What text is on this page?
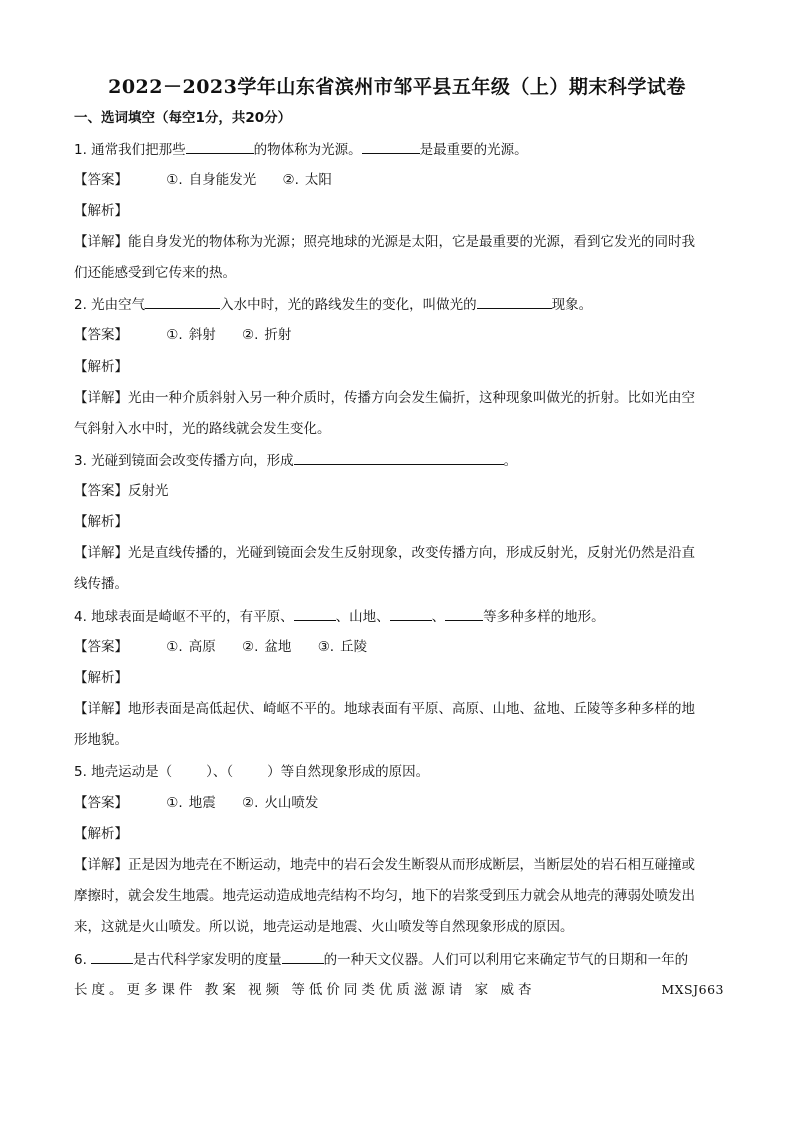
2022－2023学年山东省滨州市邹平县五年级（上）期末科学试卷
一、选词填空（每空1分，共20分）
1. 通常我们把那些	的物体称为光源。	是最重要的光源。
【答案】	①. 自身能发光 ②. 太阳
【解析】
【详解】能自身发光的物体称为光源；照亮地球的光源是太阳，它是最重要的光源，看到它发光的同时我
们还能感受到它传来的热。
2. 光由空气	入水中时，光的路线发生的变化，叫做光的	现象。
【答案】	①. 斜射 ②. 折射
【解析】
【详解】光由一种介质斜射入另一种介质时，传播方向会发生偏折，这种现象叫做光的折射。比如光由空
气斜射入水中时，光的路线就会发生变化。
3. 光碰到镜面会改变传播方向，形成	。
【答案】反射光
【解析】
【详解】光是直线传播的，光碰到镜面会发生反射现象，改变传播方向，形成反射光，反射光仍然是沿直
线传播。
4. 地球表面是崎岖不平的，有平原、	、山地、	、	等多种多样的地形。
【答案】	①. 高原 ②. 盆地 ③. 丘陵
【解析】
【详解】地形表面是高低起伏、崎岖不平的。地球表面有平原、高原、山地、盆地、丘陵等多种多样的地
形地貌。
5. 地壳运动是（	）、（	）等自然现象形成的原因。
【答案】	①. 地震 ②. 火山喷发
【解析】
【详解】正是因为地壳在不断运动，地壳中的岩石会发生断裂从而形成断层，当断层处的岩石相互碰撞或
摩擦时，就会发生地震。地壳运动造成地壳结构不均匀，地下的岩浆受到压力就会从地壳的薄弱处喷发出
来，这就是火山喷发。所以说，地壳运动是地震、火山喷发等自然现象形成的原因。
6.	是古代科学家发明的度量	的一种天文仪器。人们可以利用它来确定节气的日期和一年的
长度。更多课件 教案 视频 等低价同类优质滋源请 家 威杏	MXSJ663
